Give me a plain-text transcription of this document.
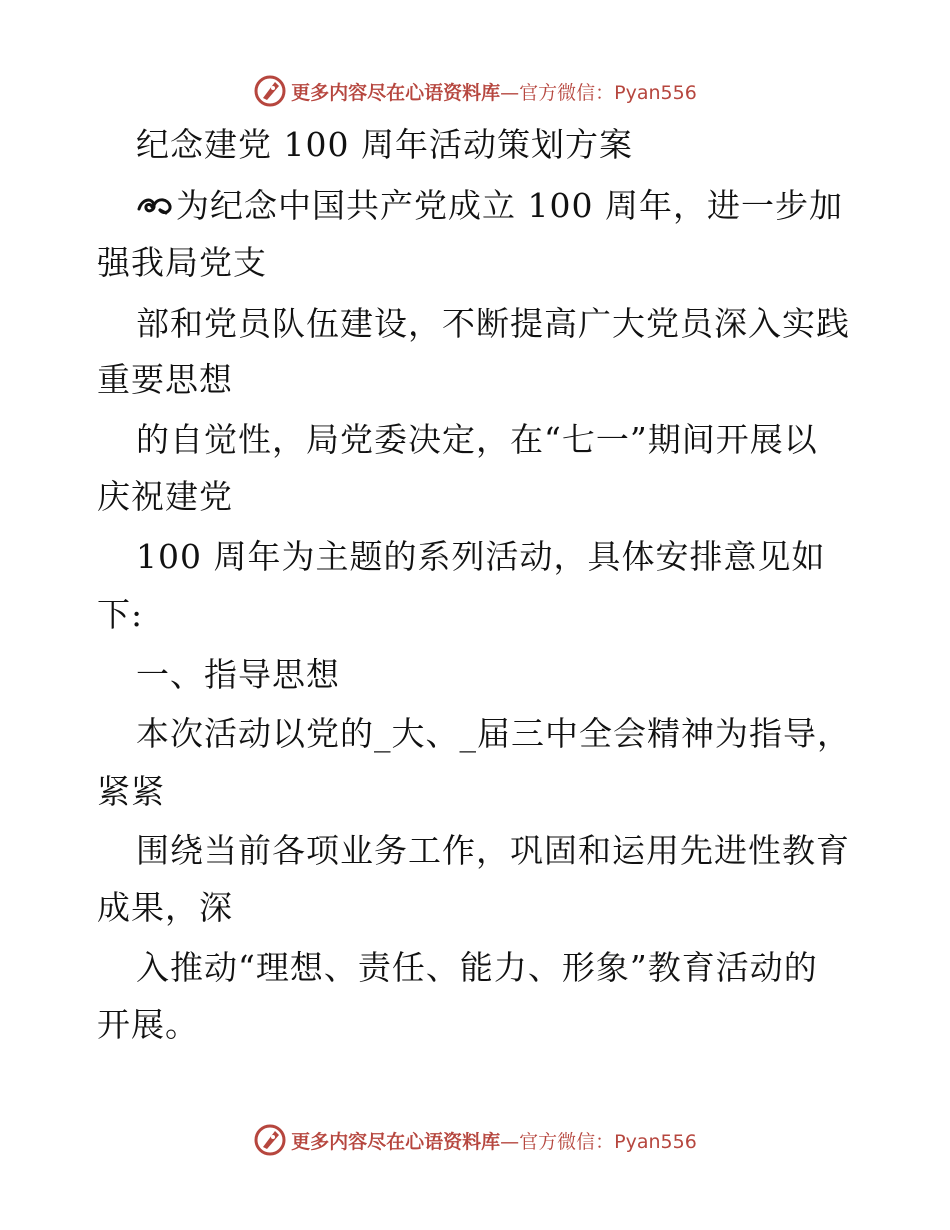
更多内容尽在心语资料库 —官方微信：Pyan556
纪念建党 100 周年活动策划方案
为纪念中国共产党成立 100 周年，进一步加
强我局党支
部和党员队伍建设，不断提高广大党员深入实践
重要思想
的自觉性，局党委决定，在“七一”期间开展以
庆祝建党
100 周年为主题的系列活动，具体安排意见如
下:
一、指导思想
本次活动以党的_大、_届三中全会精神为指导，
紧紧
围绕当前各项业务工作，巩固和运用先进性教育
成果，深
入推动“理想、责任、能力、形象”教育活动的
开展。
更多内容尽在心语资料库 —官方微信：Pyan556
